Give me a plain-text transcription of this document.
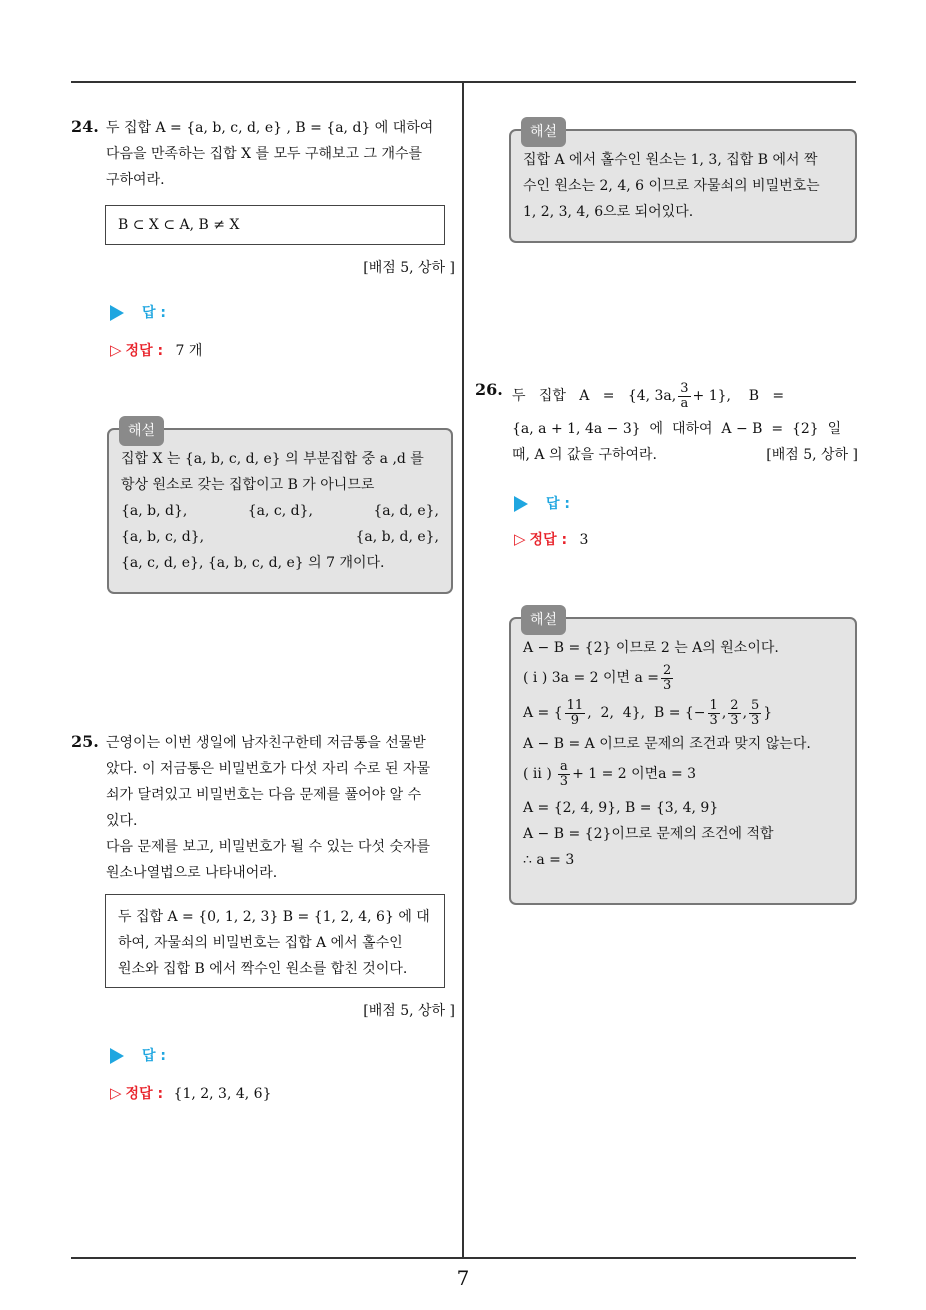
7
24. 두 집합 A = {a, b, c, d, e} , B = {a, d} 에 대하여
다음을 만족하는 집합 X 를 모두 구해보고 그 개수를
구하여라.
B ⊂ X ⊂ A, B ≠ X
[배점 5, 상하 ]
답 :
▷ 정답 : 7 개
해설
집합 X 는 {a, b, c, d, e} 의 부분집합 중 a ,d 를
항상 원소로 갖는 집합이고 B 가 아니므로
{a, b, d},	{a, c, d},	{a, d, e},
{a, b, c, d},	{a, b, d, e},
{a, c, d, e}, {a, b, c, d, e} 의 7 개이다.
25. 근영이는 이번 생일에 남자친구한테 저금통을 선물받
았다. 이 저금통은 비밀번호가 다섯 자리 수로 된 자물
쇠가 달려있고 비밀번호는 다음 문제를 풀어야 알 수
있다.
다음 문제를 보고, 비밀번호가 될 수 있는 다섯 숫자를
원소나열법으로 나타내어라.
두 집합 A = {0, 1, 2, 3} B = {1, 2, 4, 6} 에 대
하여, 자물쇠의 비밀번호는 집합 A 에서 홀수인
원소와 집합 B 에서 짝수인 원소를 합친 것이다.
[배점 5, 상하 ]
답 :
▷ 정답 : {1, 2, 3, 4, 6}
해설
집합 A 에서 홀수인 원소는 1, 3, 집합 B 에서 짝
수인 원소는 2, 4, 6 이므로 자물쇠의 비밀번호는
1, 2, 3, 4, 6으로 되어있다.
26. 두   집합   A   =   {4, 3a, $\frac{3}{a} + 1$},    B   =
{a, a + 1, 4a − 3}  에  대하여  A − B  =  {2}  일
때, A 의 값을 구하여라.	[배점 5, 상하 ]
답 :
▷ 정답 : 3
해설
A − B = {2} 이므로 2 는 A의 원소이다.
( i ) 3a = 2 이면 $a = \frac{2}{3}$
A = { $\frac{11}{9}$ ,  2,  4},  B = {− $\frac{1}{3}$ , $\frac{2}{3}$ , $\frac{5}{3}$ }
A − B = A 이므로 문제의 조건과 맞지 않는다.
( ii ) $\frac{a}{3} + 1 = 2$ 이면a = 3
A = {2, 4, 9}, B = {3, 4, 9}
A − B = {2}이므로 문제의 조건에 적합
∴ a = 3
